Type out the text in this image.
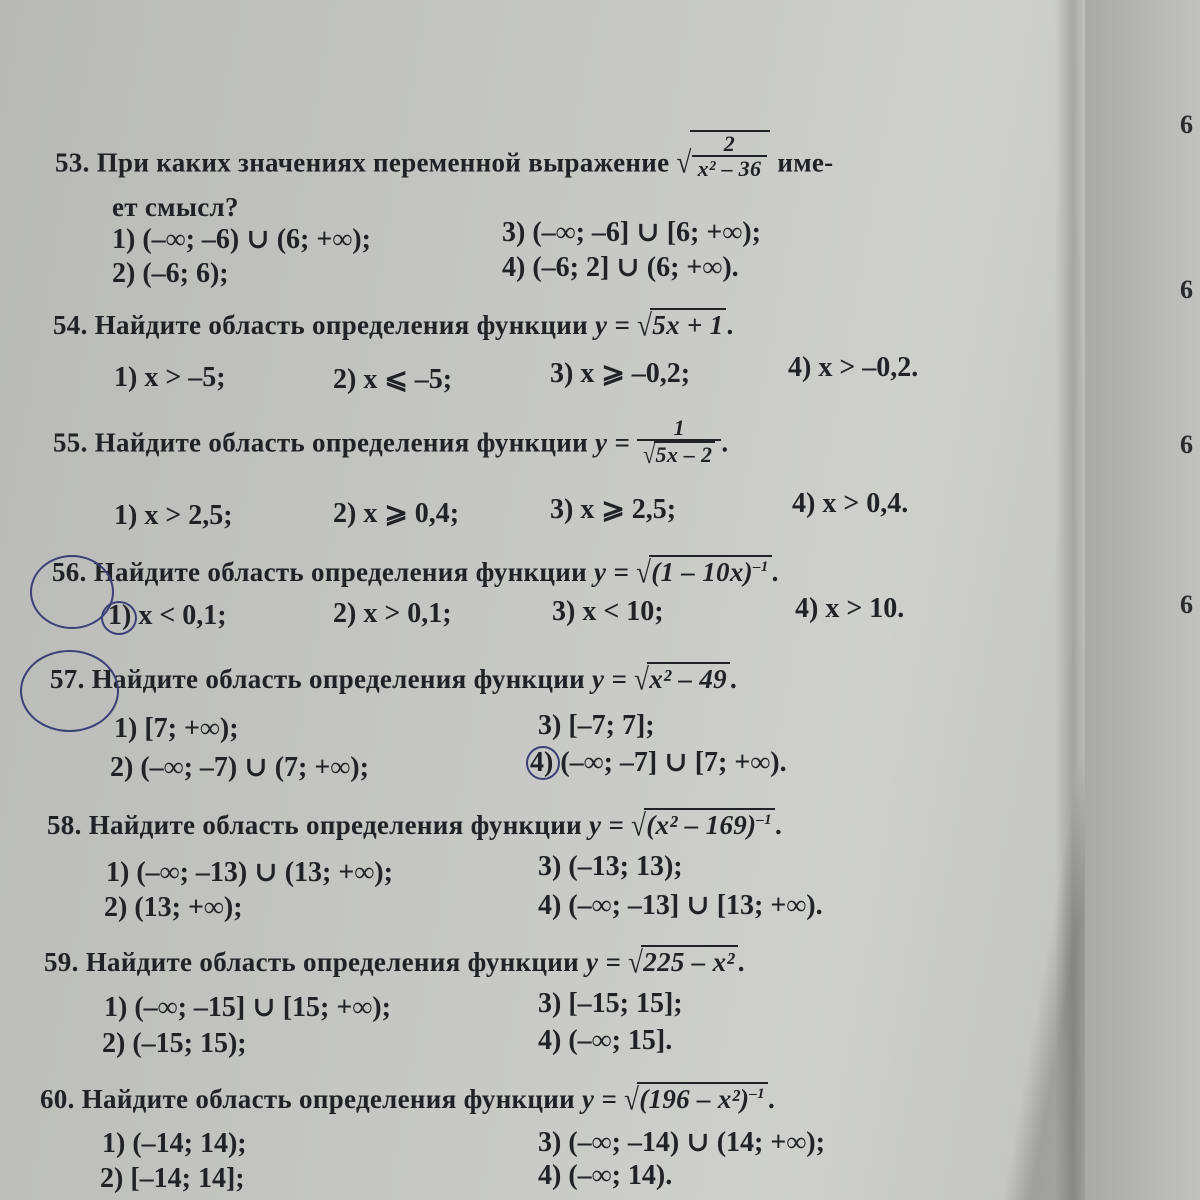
6
6
6
6
53. При каких значениях переменной выражение √
$\frac{2}{\text{x² – 36}} име-$
ет смысл?
1) (–∞; –6) ∪ (6; +∞);
2) (–6; 6);
3) (–∞; –6] ∪ [6; +∞);
4) (–6; 2] ∪ (6; +∞).
54. Найдите область определения функции y = √5x + 1 .
1) x > –5;	2) x ⩽ –5;	3) x ⩾ –0,2;	4) x > –0,2.
55. Найдите область определения функции $y = \frac{1}{√5x - 2}$ .
1) x > 2,5;	2) x ⩾ 0,4;	3) x ⩾ 2,5;	4) x > 0,4.
56. Найдите область определения функции y = √(1 – 10x)$^{-1}$ .
1) x < 0,1;	2) x > 0,1;	3) x < 10;	4) x > 10.
57. Найдите область определения функции y = √x² – 49 .
1) [7; +∞);
2) (–∞; –7) ∪ (7; +∞);
3) [–7; 7];
4) (–∞; –7] ∪ [7; +∞).
58. Найдите область определения функции y = √(x² – 169)$^{-1}$ .
1) (–∞; –13) ∪ (13; +∞);
2) (13; +∞);
3) (–13; 13);
4) (–∞; –13] ∪ [13; +∞).
59. Найдите область определения функции y = √225 – x² .
1) (–∞; –15] ∪ [15; +∞);
2) (–15; 15);
3) [–15; 15];
4) (–∞; 15].
60. Найдите область определения функции y = √(196 – x²)$^{-1}$ .
1) (–14; 14);
2) [–14; 14];
3) (–∞; –14) ∪ (14; +∞);
4) (–∞; 14).
